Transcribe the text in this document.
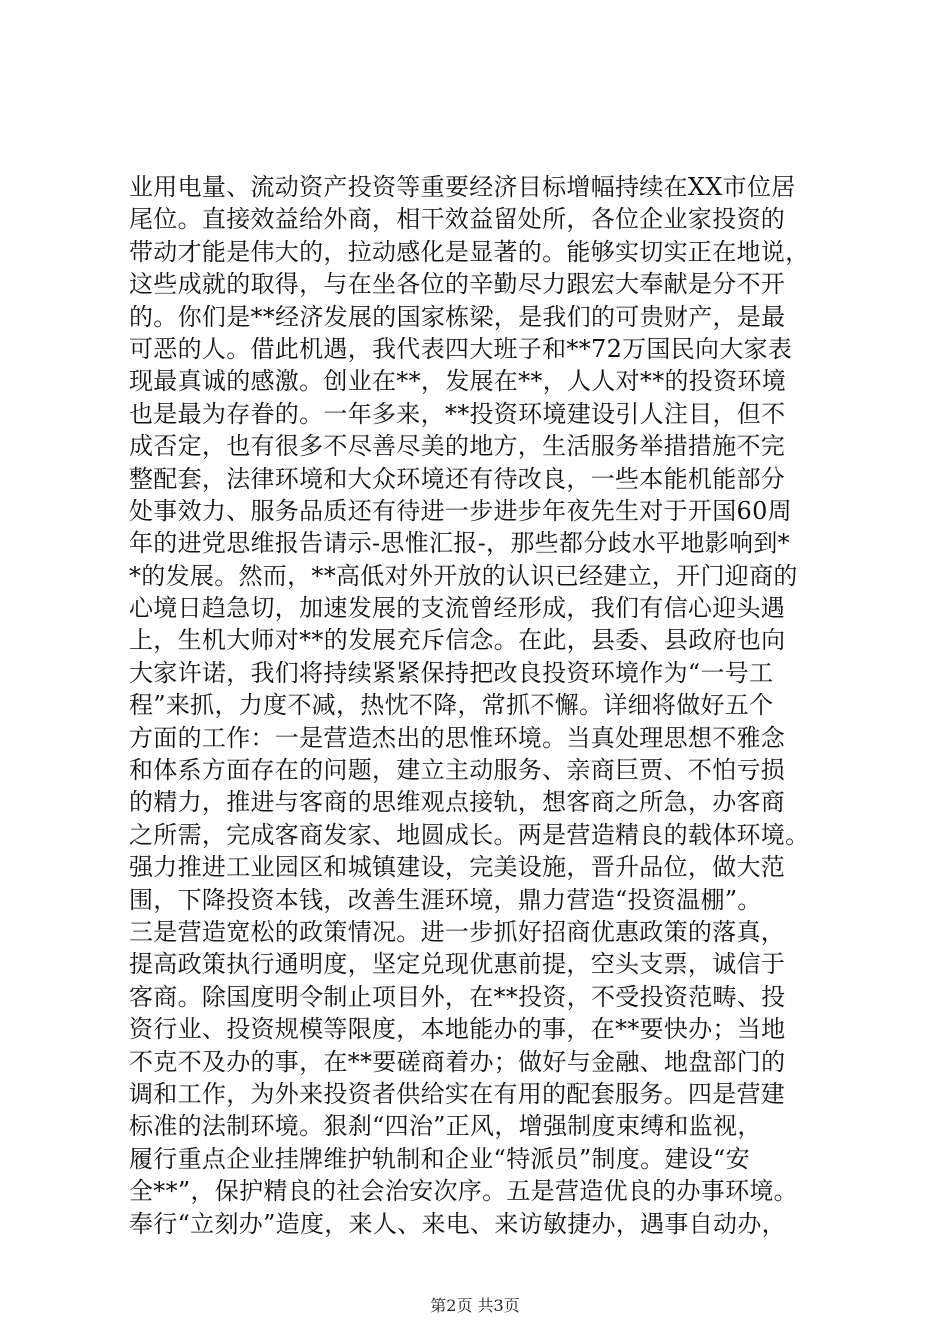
业用电量、流动资产投资等重要经济目标增幅持续在XX市位居
尾位。直接效益给外商，相干效益留处所，各位企业家投资的
带动才能是伟大的，拉动感化是显著的。能够实切实正在地说，
这些成就的取得，与在坐各位的辛勤尽力跟宏大奉献是分不开
的。你们是**经济发展的国家栋梁，是我们的可贵财产，是最
可恶的人。借此机遇，我代表四大班子和**72万国民向大家表
现最真诚的感激。创业在**，发展在**，人人对**的投资环境
也是最为存眷的。一年多来，**投资环境建设引人注目，但不
成否定，也有很多不尽善尽美的地方，生活服务举措措施不完
整配套，法律环境和大众环境还有待改良，一些本能机能部分
处事效力、服务品质还有待进一步进步年夜先生对于开国60周
年的进党思维报告请示-思惟汇报-，那些都分歧水平地影响到*
*的发展。然而，**高低对外开放的认识已经建立，开门迎商的
心境日趋急切，加速发展的支流曾经形成，我们有信心迎头遇
上，生机大师对**的发展充斥信念。在此，县委、县政府也向
大家许诺，我们将持续紧紧保持把改良投资环境作为“一号工
程”来抓，力度不减，热忱不降，常抓不懈。详细将做好五个
方面的工作：一是营造杰出的思惟环境。当真处理思想不雅念
和体系方面存在的问题，建立主动服务、亲商巨贾、不怕亏损
的精力，推进与客商的思维观点接轨，想客商之所急，办客商
之所需，完成客商发家、地圆成长。两是营造精良的载体环境。
强力推进工业园区和城镇建设，完美设施，晋升品位，做大范
围，下降投资本钱，改善生涯环境，鼎力营造“投资温棚”。
三是营造宽松的政策情况。进一步抓好招商优惠政策的落真，
提高政策执行通明度，坚定兑现优惠前提，空头支票，诚信于
客商。除国度明令制止项目外，在**投资，不受投资范畴、投
资行业、投资规模等限度，本地能办的事，在**要快办；当地
不克不及办的事，在**要磋商着办；做好与金融、地盘部门的
调和工作，为外来投资者供给实在有用的配套服务。四是营建
标准的法制环境。狠刹“四治”正风，增强制度束缚和监视，
履行重点企业挂牌维护轨制和企业“特派员”制度。建设“安
全**”，保护精良的社会治安次序。五是营造优良的办事环境。
奉行“立刻办”造度，来人、来电、来访敏捷办，遇事自动办，
第2页 共3页
